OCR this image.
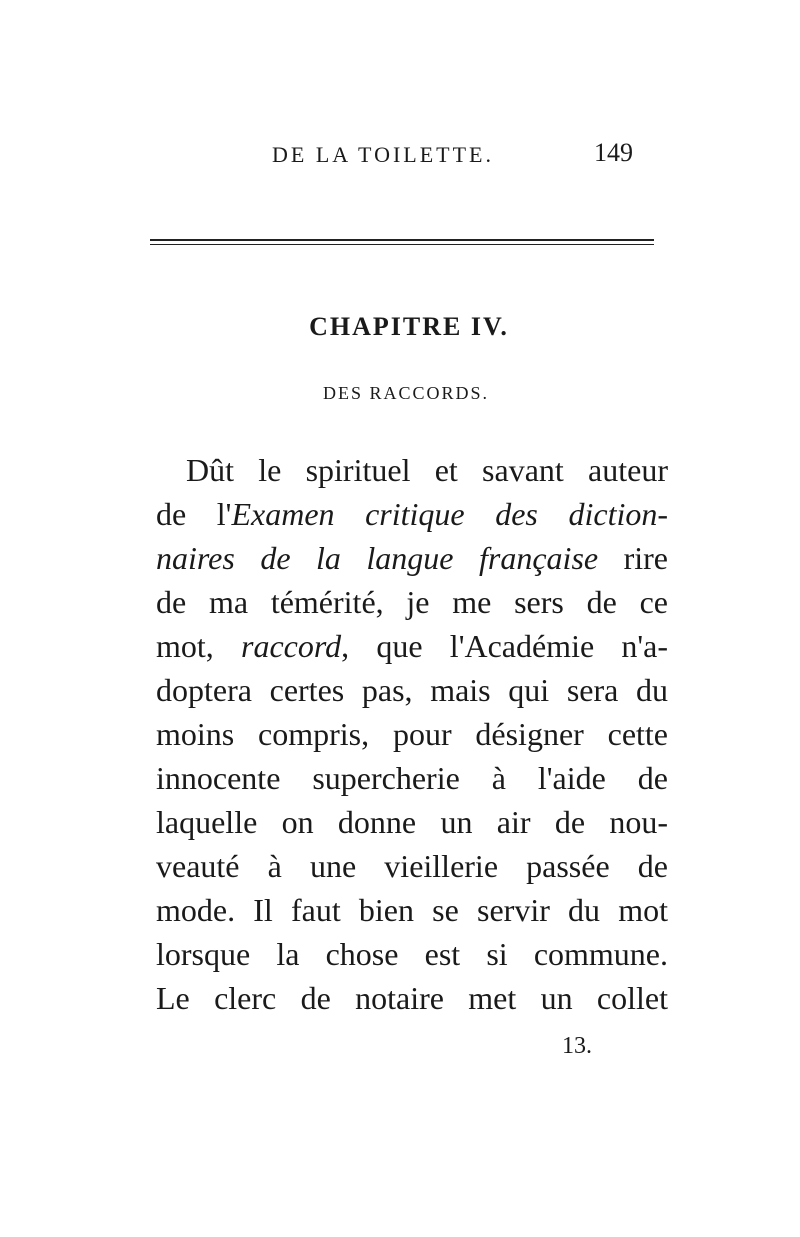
DE LA TOILETTE.	149
CHAPITRE IV.
DES RACCORDS.
Dût le spirituel et savant auteur
de l'Examen critique des diction-
naires de la langue française rire
de ma témérité, je me sers de ce
mot, raccord, que l'Académie n'a-
doptera certes pas, mais qui sera du
moins compris, pour désigner cette
innocente supercherie à l'aide de
laquelle on donne un air de nou-
veauté à une vieillerie passée de
mode. Il faut bien se servir du mot
lorsque la chose est si commune.
Le clerc de notaire met un collet
13.
